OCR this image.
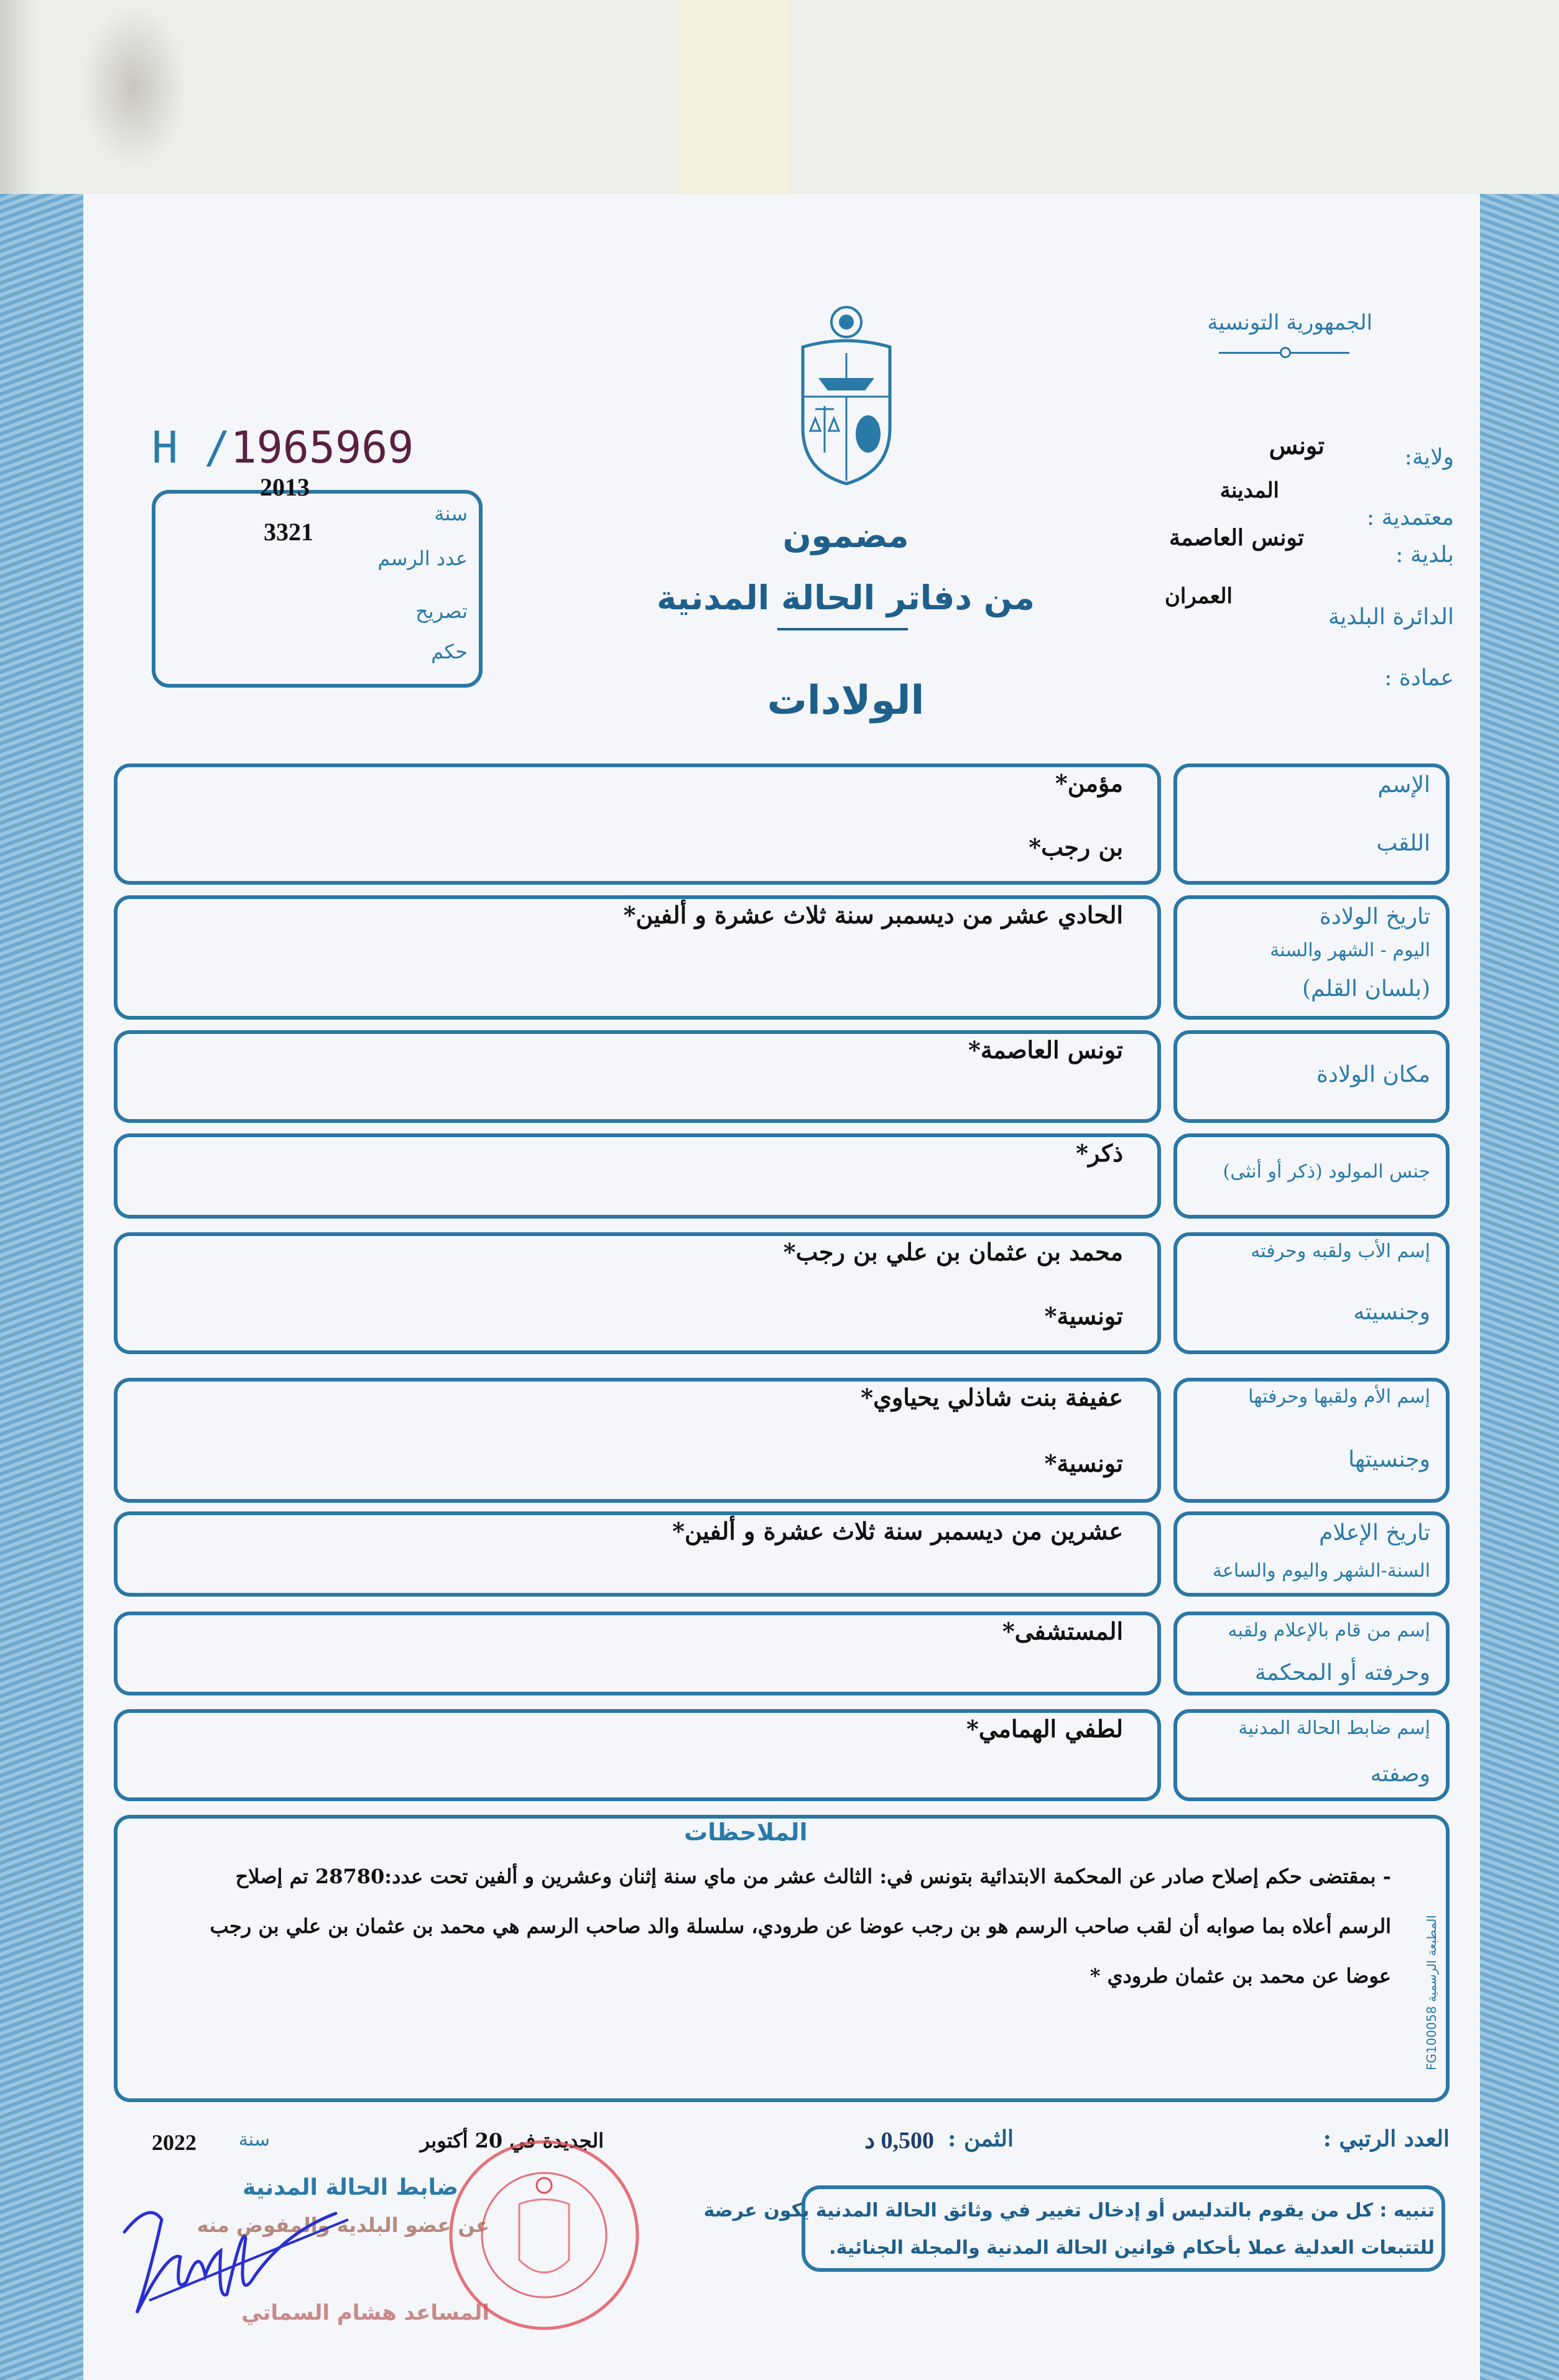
الجمهورية التونسية
H /1965969
2013
3321
سنة
عدد الرسم
تصريح
حكم
مضمون
من دفاتر الحالة المدنية
الولادات
ولاية:
تونس
المدينة
معتمدية :
تونس العاصمة
بلدية :
العمران
الدائرة البلدية
عمادة :
الإسم
اللقب
مؤمن*
بن رجب*
تاريخ الولادة
اليوم - الشهر والسنة
(بلسان القلم)
الحادي عشر من ديسمبر سنة ثلاث عشرة و ألفين*
مكان الولادة
تونس العاصمة*
جنس المولود (ذكر أو أنثى)
ذكر*
إسم الأب ولقبه وحرفته
وجنسيته
محمد بن عثمان بن علي بن رجب*
تونسية*
إسم الأم ولقبها وحرفتها
وجنسيتها
عفيفة بنت شاذلي يحياوي*
تونسية*
تاريخ الإعلام
السنة-الشهر واليوم والساعة
عشرين من ديسمبر سنة ثلاث عشرة و ألفين*
إسم من قام بالإعلام ولقبه
وحرفته أو المحكمة
المستشفى*
إسم ضابط الحالة المدنية
وصفته
لطفي الهمامي*
الملاحظات
- بمقتضى حكم إصلاح صادر عن المحكمة الابتدائية بتونس في: الثالث عشر من ماي سنة إثنان وعشرين و ألفين تحت عدد:28780 تم إصلاح
الرسم أعلاه بما صوابه أن لقب صاحب الرسم هو بن رجب عوضا عن طرودي، سلسلة والد صاحب الرسم هي محمد بن عثمان بن علي بن رجب
عوضا عن محمد بن عثمان طرودي *
المطبعة الرسمية FG100058
العدد الرتبي :
الثمن :
0,500 د
الجديدة في 20 أكتوبر
سنة
2022
تنبيه : كل من يقوم بالتدليس أو إدخال تغيير في وثائق الحالة المدنية يكون عرضة
للتتبعات العدلية عملا بأحكام قوانين الحالة المدنية والمجلة الجنائية.
ضابط الحالة المدنية
عن عضو البلدية والمفوض منه
المساعد هشام السماتي
